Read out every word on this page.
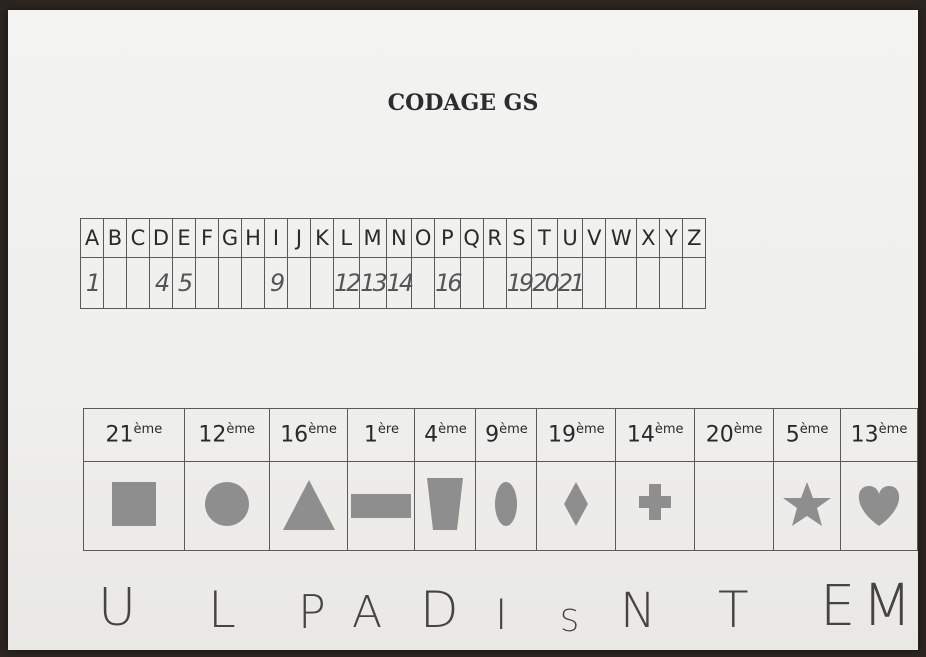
CODAGE GS
A	B	C	D	E	F	G	H	I	J	K	L	M	N	O	P	Q	R	S	T	U	V	W	X	Y	Z
1			4	5				9			12	13	14		16			19	20	21					
21ème	12ème	16ème	1ère	4ème	9ème	19ème	14ème	20ème	5ème	13ème

U L P A D I S N T E M
